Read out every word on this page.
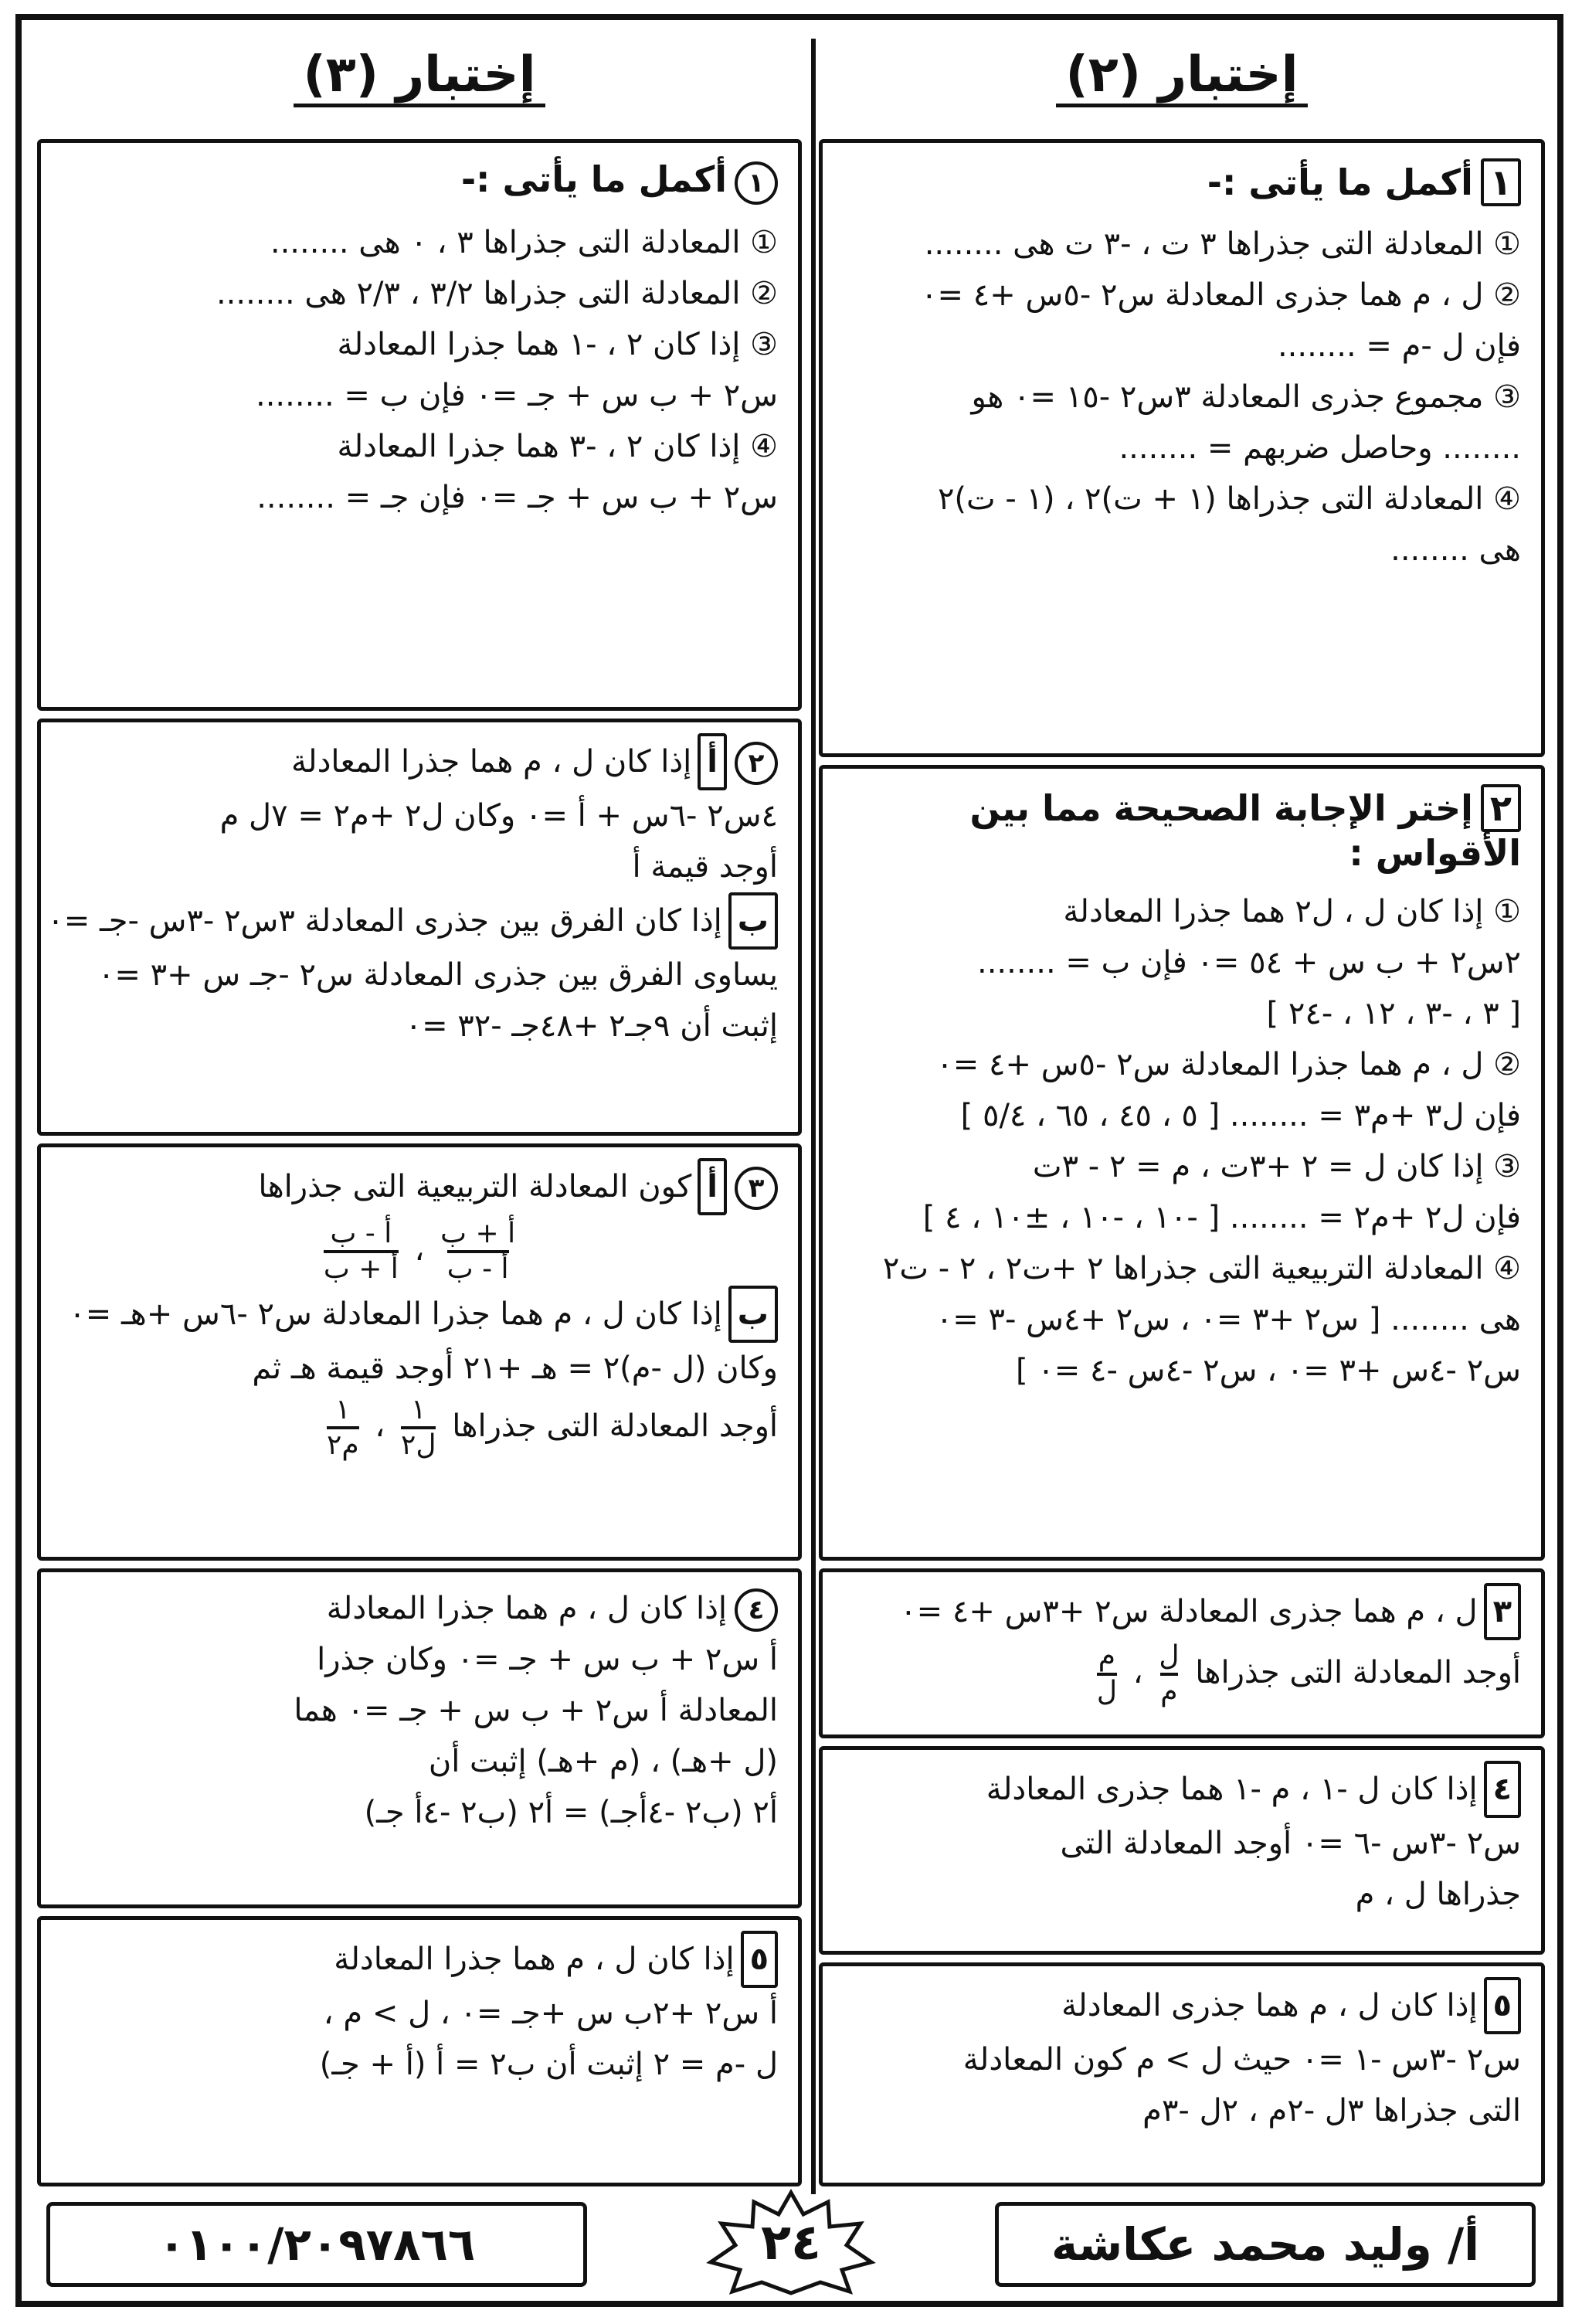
إختبار (٢)
١أكمل ما يأتى :-
① المعادلة التى جذراها ٣ ت ، -٣ ت هى ........
② ل ، م هما جذرى المعادلة س٢ -٥س +٤ =٠
فإن ل -م = ........
③ مجموع جذرى المعادلة ٣س٢ -١٥ =٠ هو
........ وحاصل ضربهم = ........
④ المعادلة التى جذراها (١ + ت)٢ ، (١ - ت)٢
هى ........
٢إختر الإجابة الصحيحة مما بين الأقواس :
① إذا كان ل ، ل٢ هما جذرا المعادلة
٢س٢ + ب س + ٥٤ =٠ فإن ب = ........
[ ٣ ، -٣ ، ١٢ ، -٢٤ ]
② ل ، م هما جذرا المعادلة س٢ -٥س +٤ =٠
فإن ل٣ +م٣ = ........ [ ٥ ، ٤٥ ، ٦٥ ، ٥/٤ ]
③ إذا كان ل = ٢ +٣ت ، م = ٢ - ٣ت
فإن ل٢ +م٢ = ........ [ -١٠ ، -١٠ ، ±١٠ ، ٤ ]
④ المعادلة التربيعية التى جذراها ٢ +ت٢ ، ٢ - ت٢
هى ........ [ س٢ +٣ =٠ ، س٢ +٤س -٣ =٠
س٢ -٤س +٣ =٠ ، س٢ -٤س -٤ =٠ ]
٣ل ، م هما جذرى المعادلة س٢ +٣س +٤ =٠
أوجد المعادلة التى جذراها
$\frac{\text{ل}}{\text{م}}$
،
$\frac{\text{م}}{\text{ل}}$
٤إذا كان ل -١ ، م -١ هما جذرى المعادلة
س٢ -٣س -٦ =٠ أوجد المعادلة التى
جذراها ل ، م
٥إذا كان ل ، م هما جذرى المعادلة
س٢ -٣س -١ =٠ حيث ل > م كون المعادلة
التى جذراها ٣ل -٢م ، ٢ل -٣م
إختبار (٣)
١أكمل ما يأتى :-
① المعادلة التى جذراها ٣ ، ٠ هى ........
② المعادلة التى جذراها ٣/٢ ، ٢/٣ هى ........
③ إذا كان ٢ ، -١ هما جذرا المعادلة
س٢ + ب س + جـ =٠ فإن ب = ........
④ إذا كان ٢ ، -٣ هما جذرا المعادلة
س٢ + ب س + جـ =٠ فإن جـ = ........
٢أإذا كان ل ، م هما جذرا المعادلة
٤س٢ -٦س + أ =٠ وكان ل٢ +م٢ = ٧ل م
أوجد قيمة أ
بإذا كان الفرق بين جذرى المعادلة ٣س٢ -٣س -جـ =٠
يساوى الفرق بين جذرى المعادلة س٢ -جـ س +٣ =٠
إثبت أن ٩جـ٢ +٤٨جـ -٣٢ =٠
٣أكون المعادلة التربيعية التى جذراها
$\frac{\text{أ + ب}}{\text{أ - ب}}$
،
$\frac{\text{أ - ب}}{\text{أ + ب}}$
بإذا كان ل ، م هما جذرا المعادلة س٢ -٦س +هـ =٠
وكان (ل -م)٢ = هـ +٢١ أوجد قيمة هـ ثم
أوجد المعادلة التى جذراها
$\frac{١}{\text{ل٢}}$
،
$\frac{١}{\text{م٢}}$
٤إذا كان ل ، م هما جذرا المعادلة
أ س٢ + ب س + جـ =٠ وكان جذرا
المعادلة أ س٢ + ب س + جـ =٠ هما
(ل +هـ) ، (م +هـ) إثبت أن
أ٢ (ب٢ -٤أجـ) = أ٢ (ب٢ -٤أ جـ)
٥إذا كان ل ، م هما جذرا المعادلة
أ س٢ +٢ب س +جـ =٠ ، ل > م ،
ل -م = ٢ إثبت أن ب٢ = أ (أ + جـ)
أ/ وليد محمد عكاشة
٢٤
٠١٠٠/٢٠٩٧٨٦٦
